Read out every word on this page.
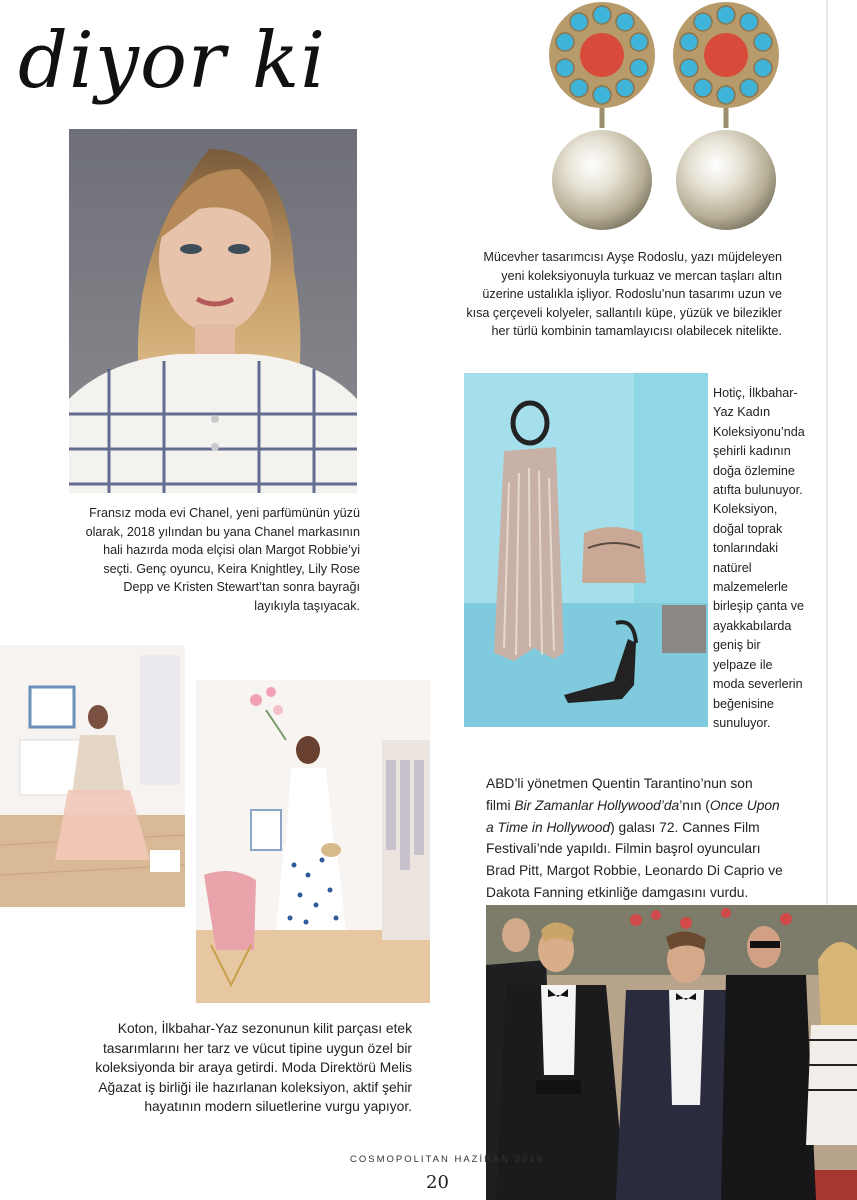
diyor ki

Fransız moda evi Chanel, yeni parfümünün yüzü

olarak, 2018 yılından bu yana Chanel markasının

hali hazırda moda elçisi olan Margot Robbie’yi

seçti. Genç oyuncu, Keira Knightley, Lily Rose

Depp ve Kristen Stewart’tan sonra bayrağı

layıkıyla taşıyacak.

Mücevher tasarımcısı Ayşe Rodoslu, yazı müjdeleyen

yeni koleksiyonuyla turkuaz ve mercan taşları altın

üzerine ustalıkla işliyor. Rodoslu’nun tasarımı uzun ve

kısa çerçeveli kolyeler, sallantılı küpe, yüzük ve bilezikler

her türlü kombinin tamamlayıcısı olabilecek nitelikte.

Hotiç, İlkbahar-

Yaz Kadın

Koleksiyonu’nda

şehirli kadının

doğa özlemine

atıfta bulunuyor.

Koleksiyon,

doğal toprak

tonlarındaki

natürel

malzemelerle

birleşip çanta ve

ayakkabılarda

geniş bir

yelpaze ile

moda severlerin

beğenisine

sunuluyor.

Koton, İlkbahar-Yaz sezonunun kilit parçası etek

tasarımlarını her tarz ve vücut tipine uygun özel bir

koleksiyonda bir araya getirdi. Moda Direktörü Melis

Ağazat iş birliği ile hazırlanan koleksiyon, aktif şehir

hayatının modern siluetlerine vurgu yapıyor.

ABD’li yönetmen Quentin Tarantino’nun son

filmi Bir Zamanlar Hollywood’da’nın (Once Upon

a Time in Hollywood) galası 72. Cannes Film

Festivali’nde yapıldı. Filmin başrol oyuncuları

Brad Pitt, Margot Robbie, Leonardo Di Caprio ve

Dakota Fanning etkinliğe damgasını vurdu.

COSMOPOLITAN HAZİRAN 2019
20
